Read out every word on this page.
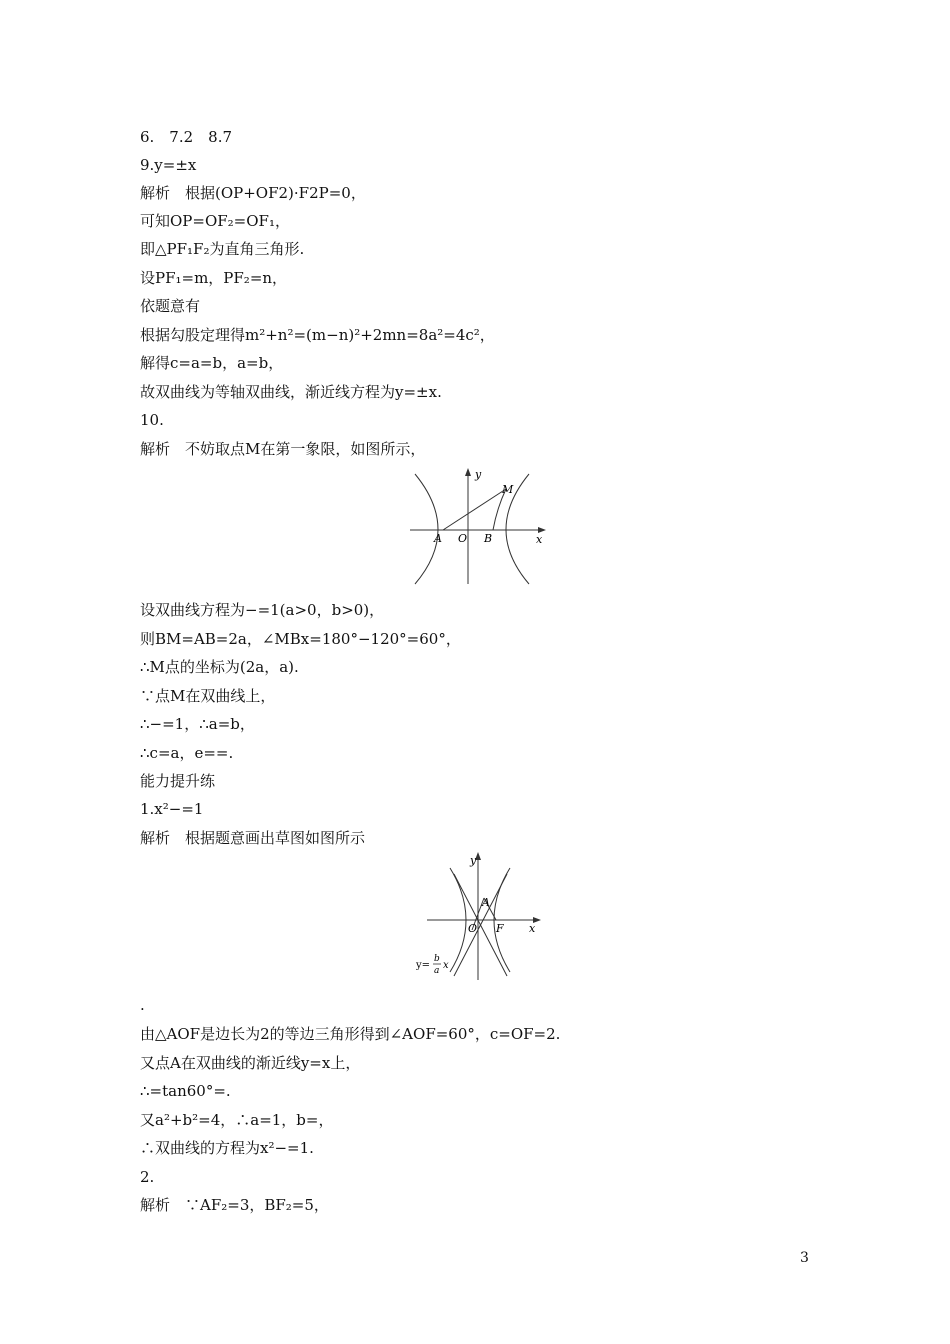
6.　7.2　8.7
9.y=±x
解析　根据(OP+OF2)·F2P=0，
可知OP=OF₂=OF₁，
即△PF₁F₂为直角三角形.
设PF₁=m，PF₂=n，
依题意有
根据勾股定理得m²+n²=(m−n)²+2mn=8a²=4c²，
解得c=a=b，a=b，
故双曲线为等轴双曲线，渐近线方程为y=±x.
10.
解析　不妨取点M在第一象限，如图所示，
y
x
M
A O B
设双曲线方程为−=1(a>0，b>0)，
则BM=AB=2a，∠MBx=180°−120°=60°，
∴M点的坐标为(2a，a).
∵点M在双曲线上，
∴−=1，∴a=b，
∴c=a，e==.
能力提升练
1.x²−=1
解析　根据题意画出草图如图所示
y
x
A
O F
y=
b
a x
.
由△AOF是边长为2的等边三角形得到∠AOF=60°，c=OF=2.
又点A在双曲线的渐近线y=x上，
∴=tan60°=.
又a²+b²=4，∴a=1，b=，
∴双曲线的方程为x²−=1.
2.
解析　∵AF₂=3，BF₂=5，
3
